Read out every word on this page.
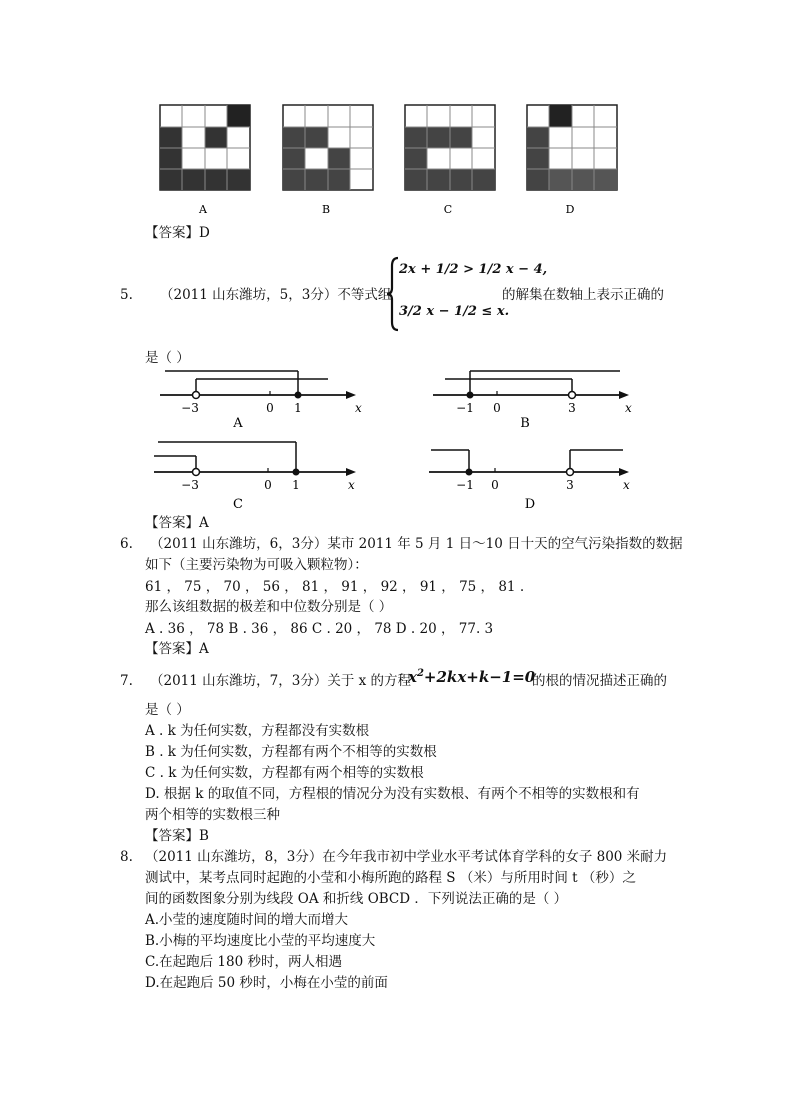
A	B	C	D
【答案】D
5. （2011 山东潍坊，5，3分）不等式组
2x + 1/2 > 1/2 x − 4,
3/2 x − 1/2 ≤ x.
的解集在数轴上表示正确的
是（ ）
−3	0 1	x
A
−1 0	3	x
B
−3	0 1	x
C
−1 0	3	x
D
【答案】A
6. （2011 山东潍坊，6，3分）某市 2011 年 5 月 1 日～10 日十天的空气污染指数的数据
如下（主要污染物为可吸入颗粒物）：
61 ， 75 ， 70 ， 56 ， 81 ， 91 ， 92 ， 91 ， 75 ， 81 .
那么该组数据的极差和中位数分别是（ ）
A . 36 ， 78 B . 36 ， 86 C . 20 ， 78 D . 20 ， 77. 3
【答案】A
7. （2011 山东潍坊，7，3分）关于 x 的方程
$x^2+2kx+k-1=0$
的根的情况描述正确的
是（ ）
A . k 为任何实数，方程都没有实数根
B . k 为任何实数，方程都有两个不相等的实数根
C . k 为任何实数，方程都有两个相等的实数根
D. 根据 k 的取值不同，方程根的情况分为没有实数根、有两个不相等的实数根和有
两个相等的实数根三种
【答案】B
8. （2011 山东潍坊，8，3分）在今年我市初中学业水平考试体育学科的女子 800 米耐力
测试中，某考点同时起跑的小莹和小梅所跑的路程 S （米）与所用时间 t （秒）之
间的函数图象分别为线段 OA 和折线 OBCD ．下列说法正确的是（ ）
A.小莹的速度随时间的增大而增大
B.小梅的平均速度比小莹的平均速度大
C.在起跑后 180 秒时，两人相遇
D.在起跑后 50 秒时，小梅在小莹的前面
